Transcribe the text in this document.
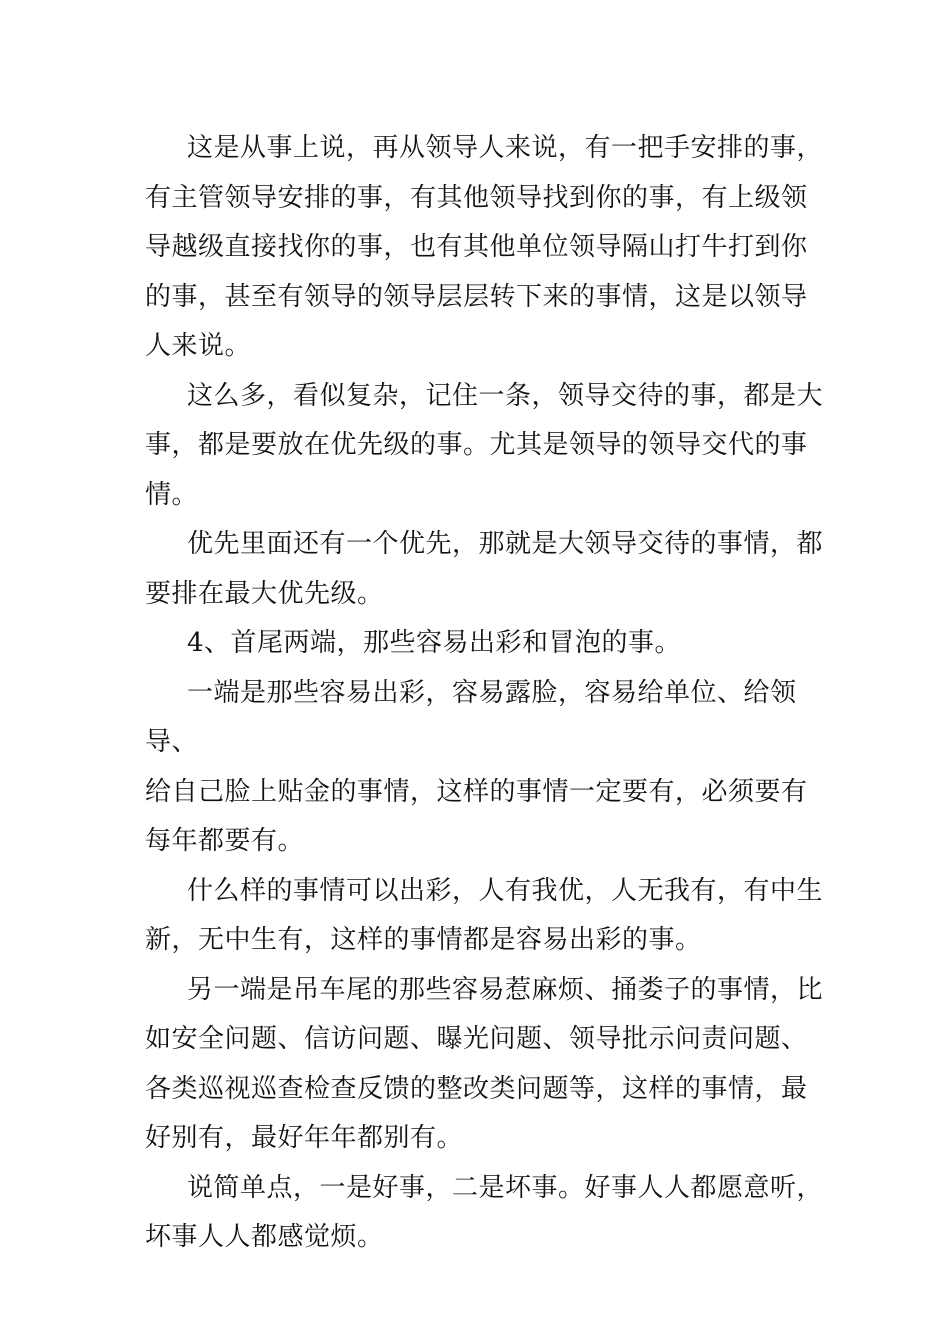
这是从事上说，再从领导人来说，有一把手安排的事，
有主管领导安排的事，有其他领导找到你的事，有上级领
导越级直接找你的事，也有其他单位领导隔山打牛打到你
的事，甚至有领导的领导层层转下来的事情，这是以领导
人来说。

这么多，看似复杂，记住一条，领导交待的事，都是大
事，都是要放在优先级的事。尤其是领导的领导交代的事
情。

优先里面还有一个优先，那就是大领导交待的事情，都
要排在最大优先级。

4、首尾两端，那些容易出彩和冒泡的事。

一端是那些容易出彩，容易露脸，容易给单位、给领导、
给自己脸上贴金的事情，这样的事情一定要有，必须要有
每年都要有。

什么样的事情可以出彩，人有我优，人无我有，有中生
新，无中生有，这样的事情都是容易出彩的事。

另一端是吊车尾的那些容易惹麻烦、捅娄子的事情，比
如安全问题、信访问题、曝光问题、领导批示问责问题、
各类巡视巡查检查反馈的整改类问题等，这样的事情，最
好别有，最好年年都别有。

说简单点，一是好事，二是坏事。好事人人都愿意听，
坏事人人都感觉烦。
